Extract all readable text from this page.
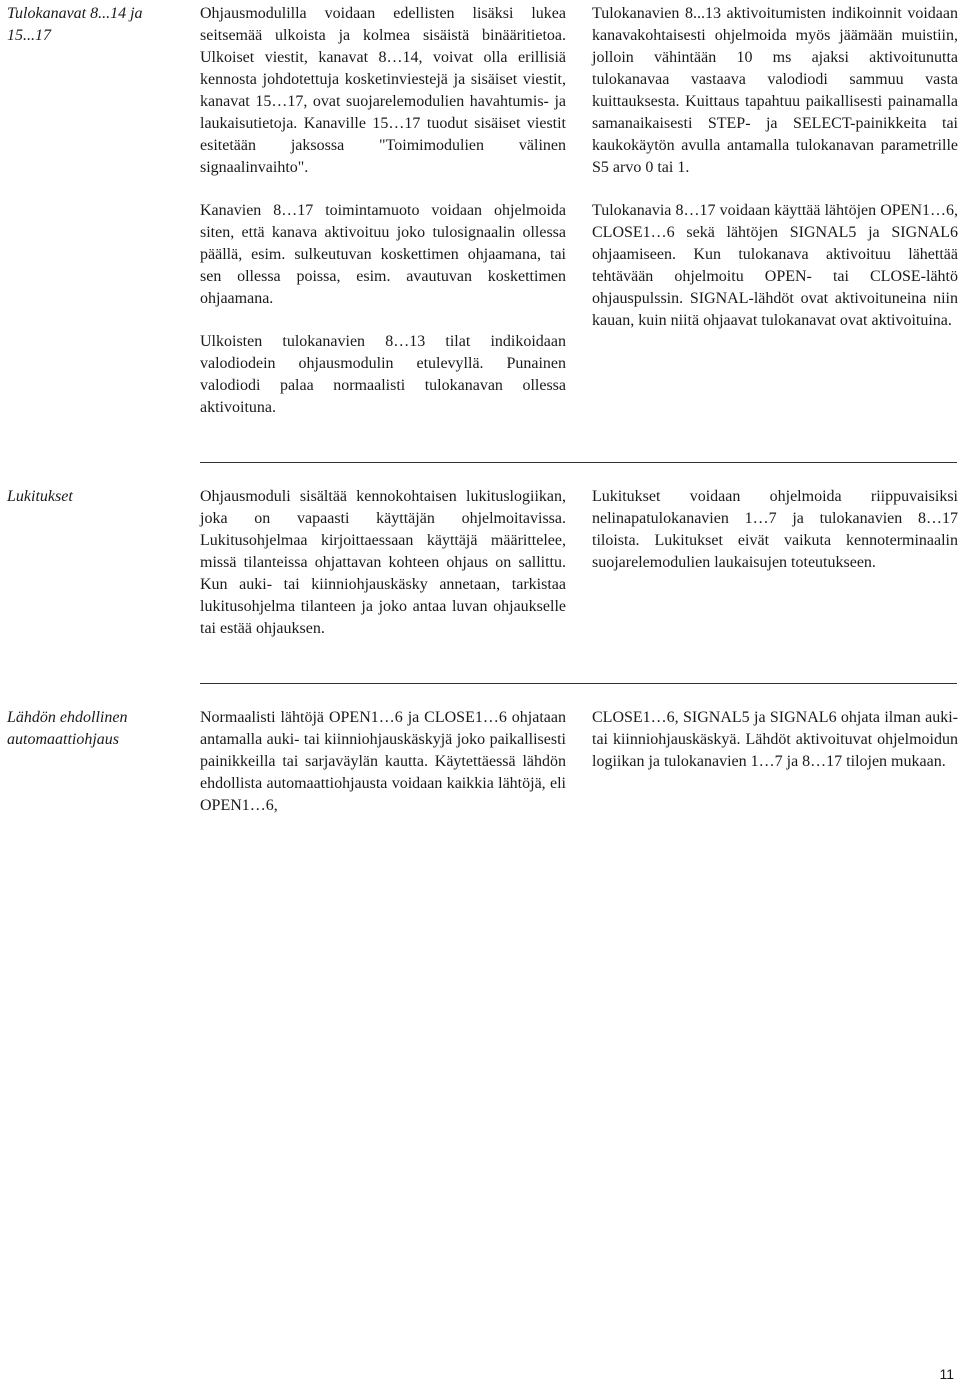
Tulokanavat 8...14 ja 15...17

Ohjausmodulilla voidaan edellisten lisäksi lukea seitsemää ulkoista ja kolmea sisäistä binääritietoa. Ulkoiset viestit, kanavat 8…14, voivat olla erillisiä kennosta johdotettuja kosketinviestejä ja sisäiset viestit, kanavat 15…17, ovat suojarelemodulien havahtumis- ja laukaisutietoja. Kanaville 15…17 tuodut sisäiset viestit esitetään jaksossa "Toimimodulien välinen signaalinvaihto".

Kanavien 8…17 toimintamuoto voidaan ohjelmoida siten, että kanava aktivoituu joko tulosignaalin ollessa päällä, esim. sulkeutuvan koskettimen ohjaamana, tai sen ollessa poissa, esim. avautuvan koskettimen ohjaamana.

Ulkoisten tulokanavien 8…13 tilat indikoidaan valodiodein ohjausmodulin etulevyllä. Punainen valodiodi palaa normaalisti tulokanavan ollessa aktivoituna.

Tulokanavien 8...13 aktivoitumisten indikoinnit voidaan kanavakohtaisesti ohjelmoida myös jäämään muistiin, jolloin vähintään 10 ms ajaksi aktivoitunutta tulokanavaa vastaava valodiodi sammuu vasta kuittauksesta. Kuittaus tapahtuu paikallisesti painamalla samanaikaisesti STEP- ja SELECT-painikkeita tai kaukokäytön avulla antamalla tulokanavan parametrille S5 arvo 0 tai 1.

Tulokanavia 8…17 voidaan käyttää lähtöjen OPEN1…6, CLOSE1…6 sekä lähtöjen SIGNAL5 ja SIGNAL6 ohjaamiseen. Kun tulokanava aktivoituu lähettää tehtävään ohjelmoitu OPEN- tai CLOSE-lähtö ohjauspulssin. SIGNAL-lähdöt ovat aktivoituneina niin kauan, kuin niitä ohjaavat tulokanavat ovat aktivoituina.

Lukitukset	Ohjausmoduli sisältää kennokohtaisen lukituslogiikan, joka on vapaasti käyttäjän ohjelmoitavissa. Lukitusohjelmaa kirjoittaessaan käyttäjä määrittelee, missä tilanteissa ohjattavan kohteen ohjaus on sallittu. Kun auki- tai kiinniohjauskäsky annetaan, tarkistaa lukitusohjelma tilanteen ja joko antaa luvan ohjaukselle tai estää ohjauksen.

Lukitukset voidaan ohjelmoida riippuvaisiksi nelinapatulokanavien 1…7 ja tulokanavien 8…17 tiloista. Lukitukset eivät vaikuta kennoterminaalin suojarelemodulien laukaisujen toteutukseen.

Lähdön ehdollinen automaattiohjaus

Normaalisti lähtöjä OPEN1…6 ja CLOSE1…6 ohjataan antamalla auki- tai kiinniohjauskäskyjä joko paikallisesti painikkeilla tai sarjaväylän kautta. Käytettäessä lähdön ehdollista automaattiohjausta voidaan kaikkia lähtöjä, eli OPEN1…6,

CLOSE1…6, SIGNAL5 ja SIGNAL6 ohjata ilman auki- tai kiinniohjauskäskyä. Lähdöt aktivoituvat ohjelmoidun logiikan ja tulokanavien 1…7 ja 8…17 tilojen mukaan.

11
